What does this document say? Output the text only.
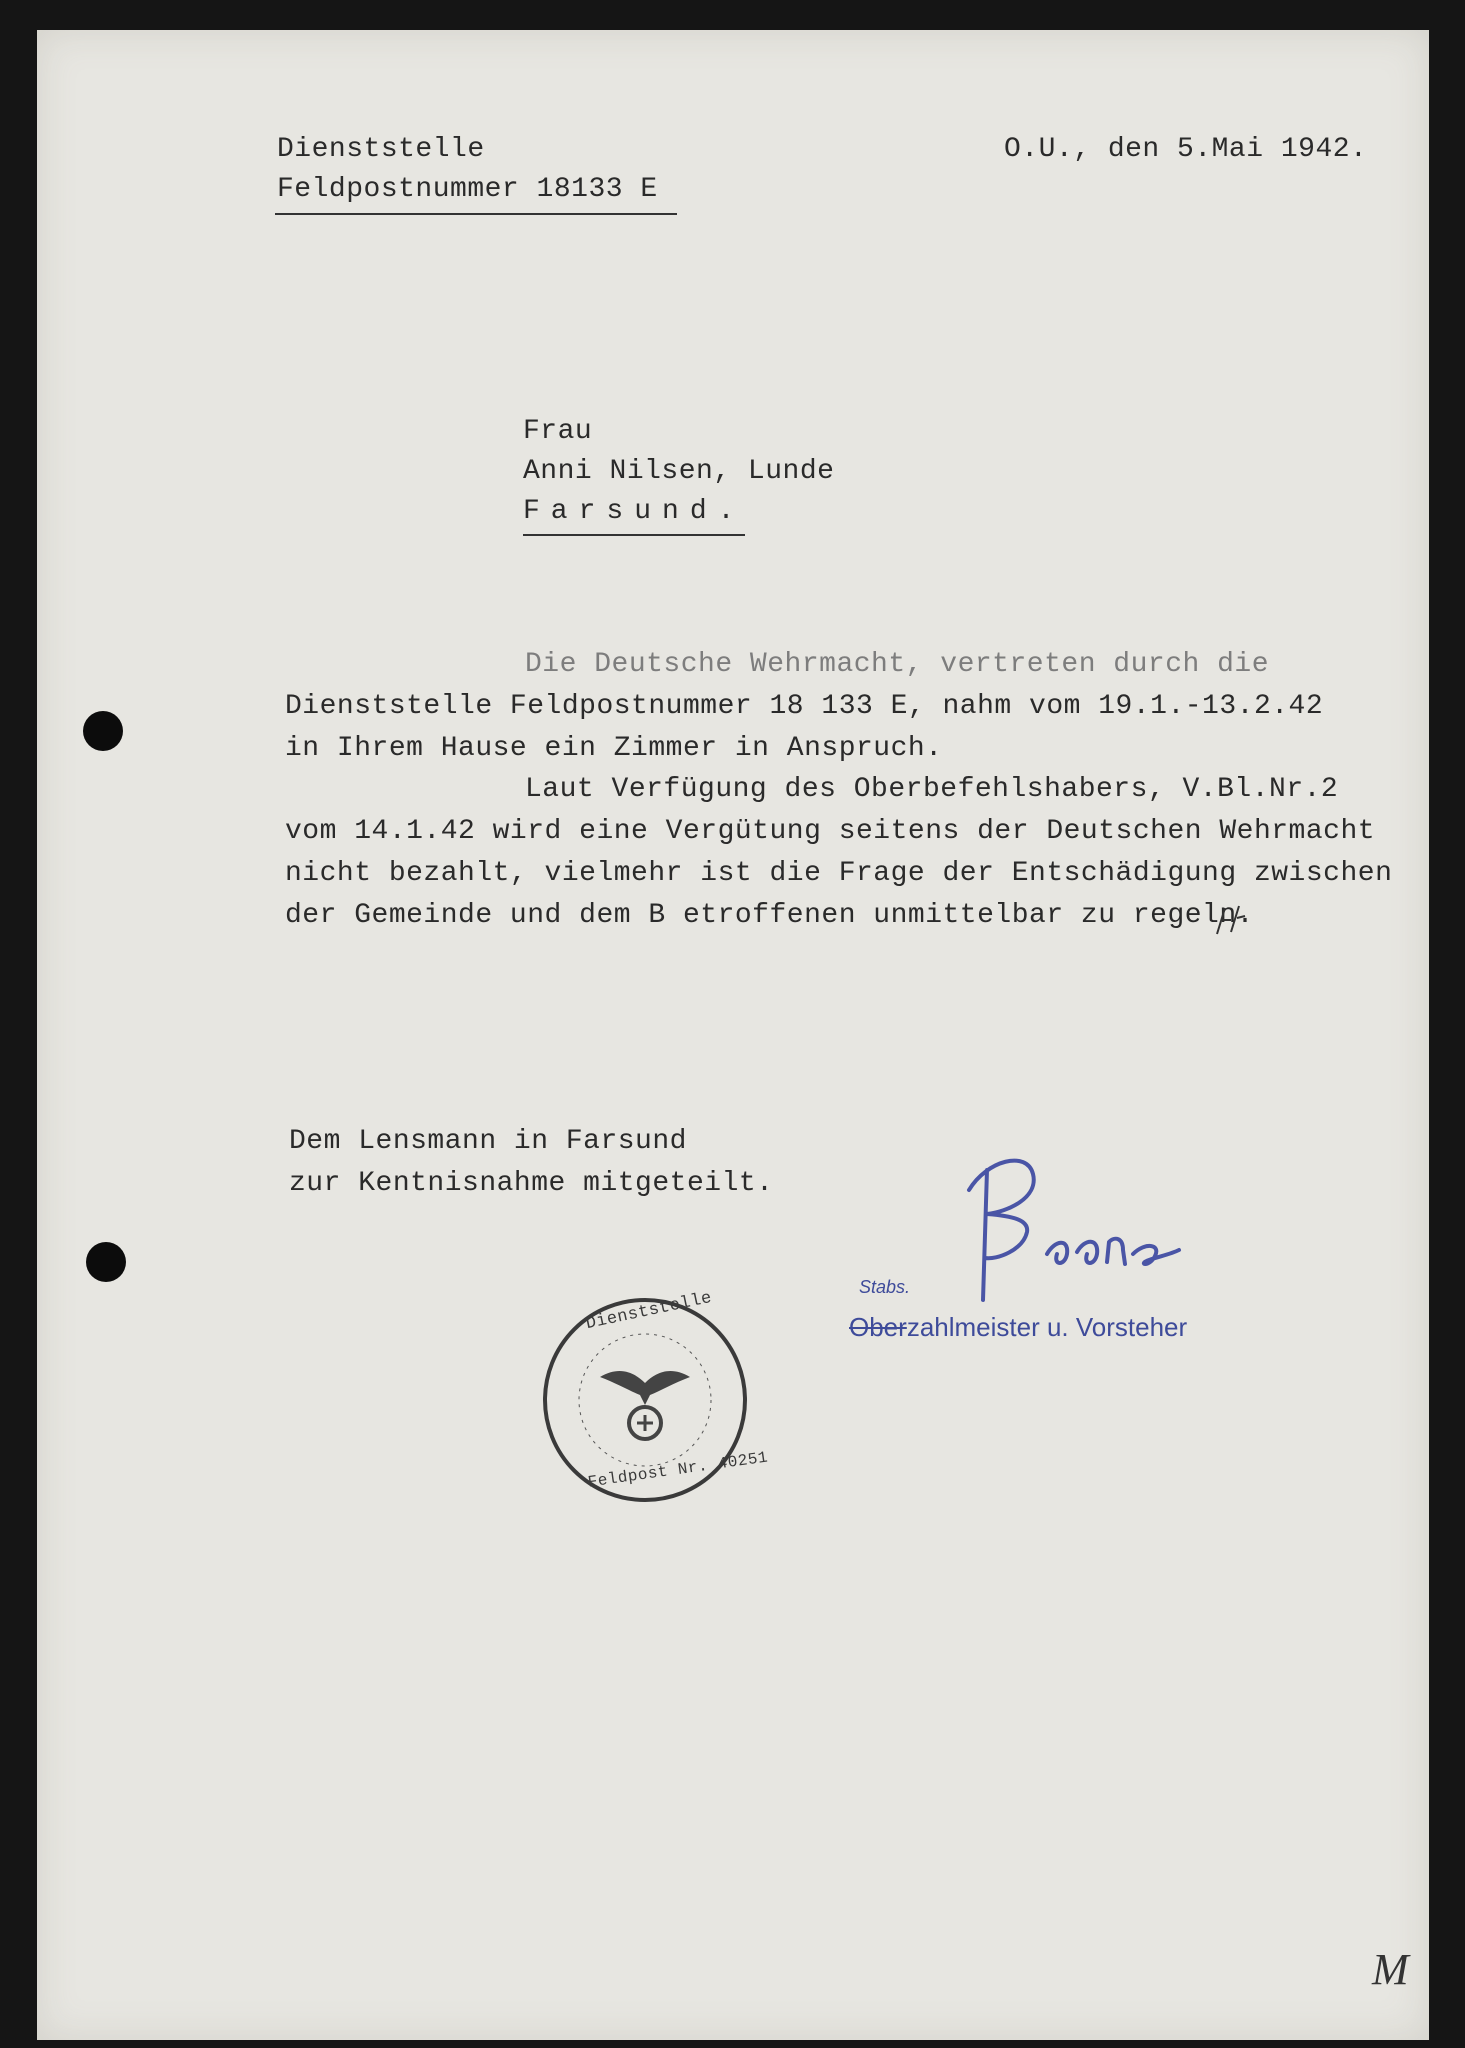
Dienststelle

Feldpostnummer 18133 E

O.U., den 5.Mai 1942.

Frau

Anni Nilsen, Lunde

Farsund.

Die Deutsche Wehrmacht, vertreten durch die

Dienststelle Feldpostnummer 18 133 E, nahm vom 19.1.-13.2.42

in Ihrem Hause ein Zimmer in Anspruch.

Laut Verfügung des Oberbefehlshabers, V.Bl.Nr.2

vom 14.1.42 wird eine Vergütung seitens der Deutschen Wehrmacht

nicht bezahlt, vielmehr ist die Frage der Entschädigung zwischen

der Gemeinde und dem B etroffenen unmittelbar zu regeln.

Dem Lensmann in Farsund

zur Kentnisnahme mitgeteilt.

Stabs.

Oberzahlmeister u. Vorsteher

Dienststelle

Feldpost Nr. 40251

M
